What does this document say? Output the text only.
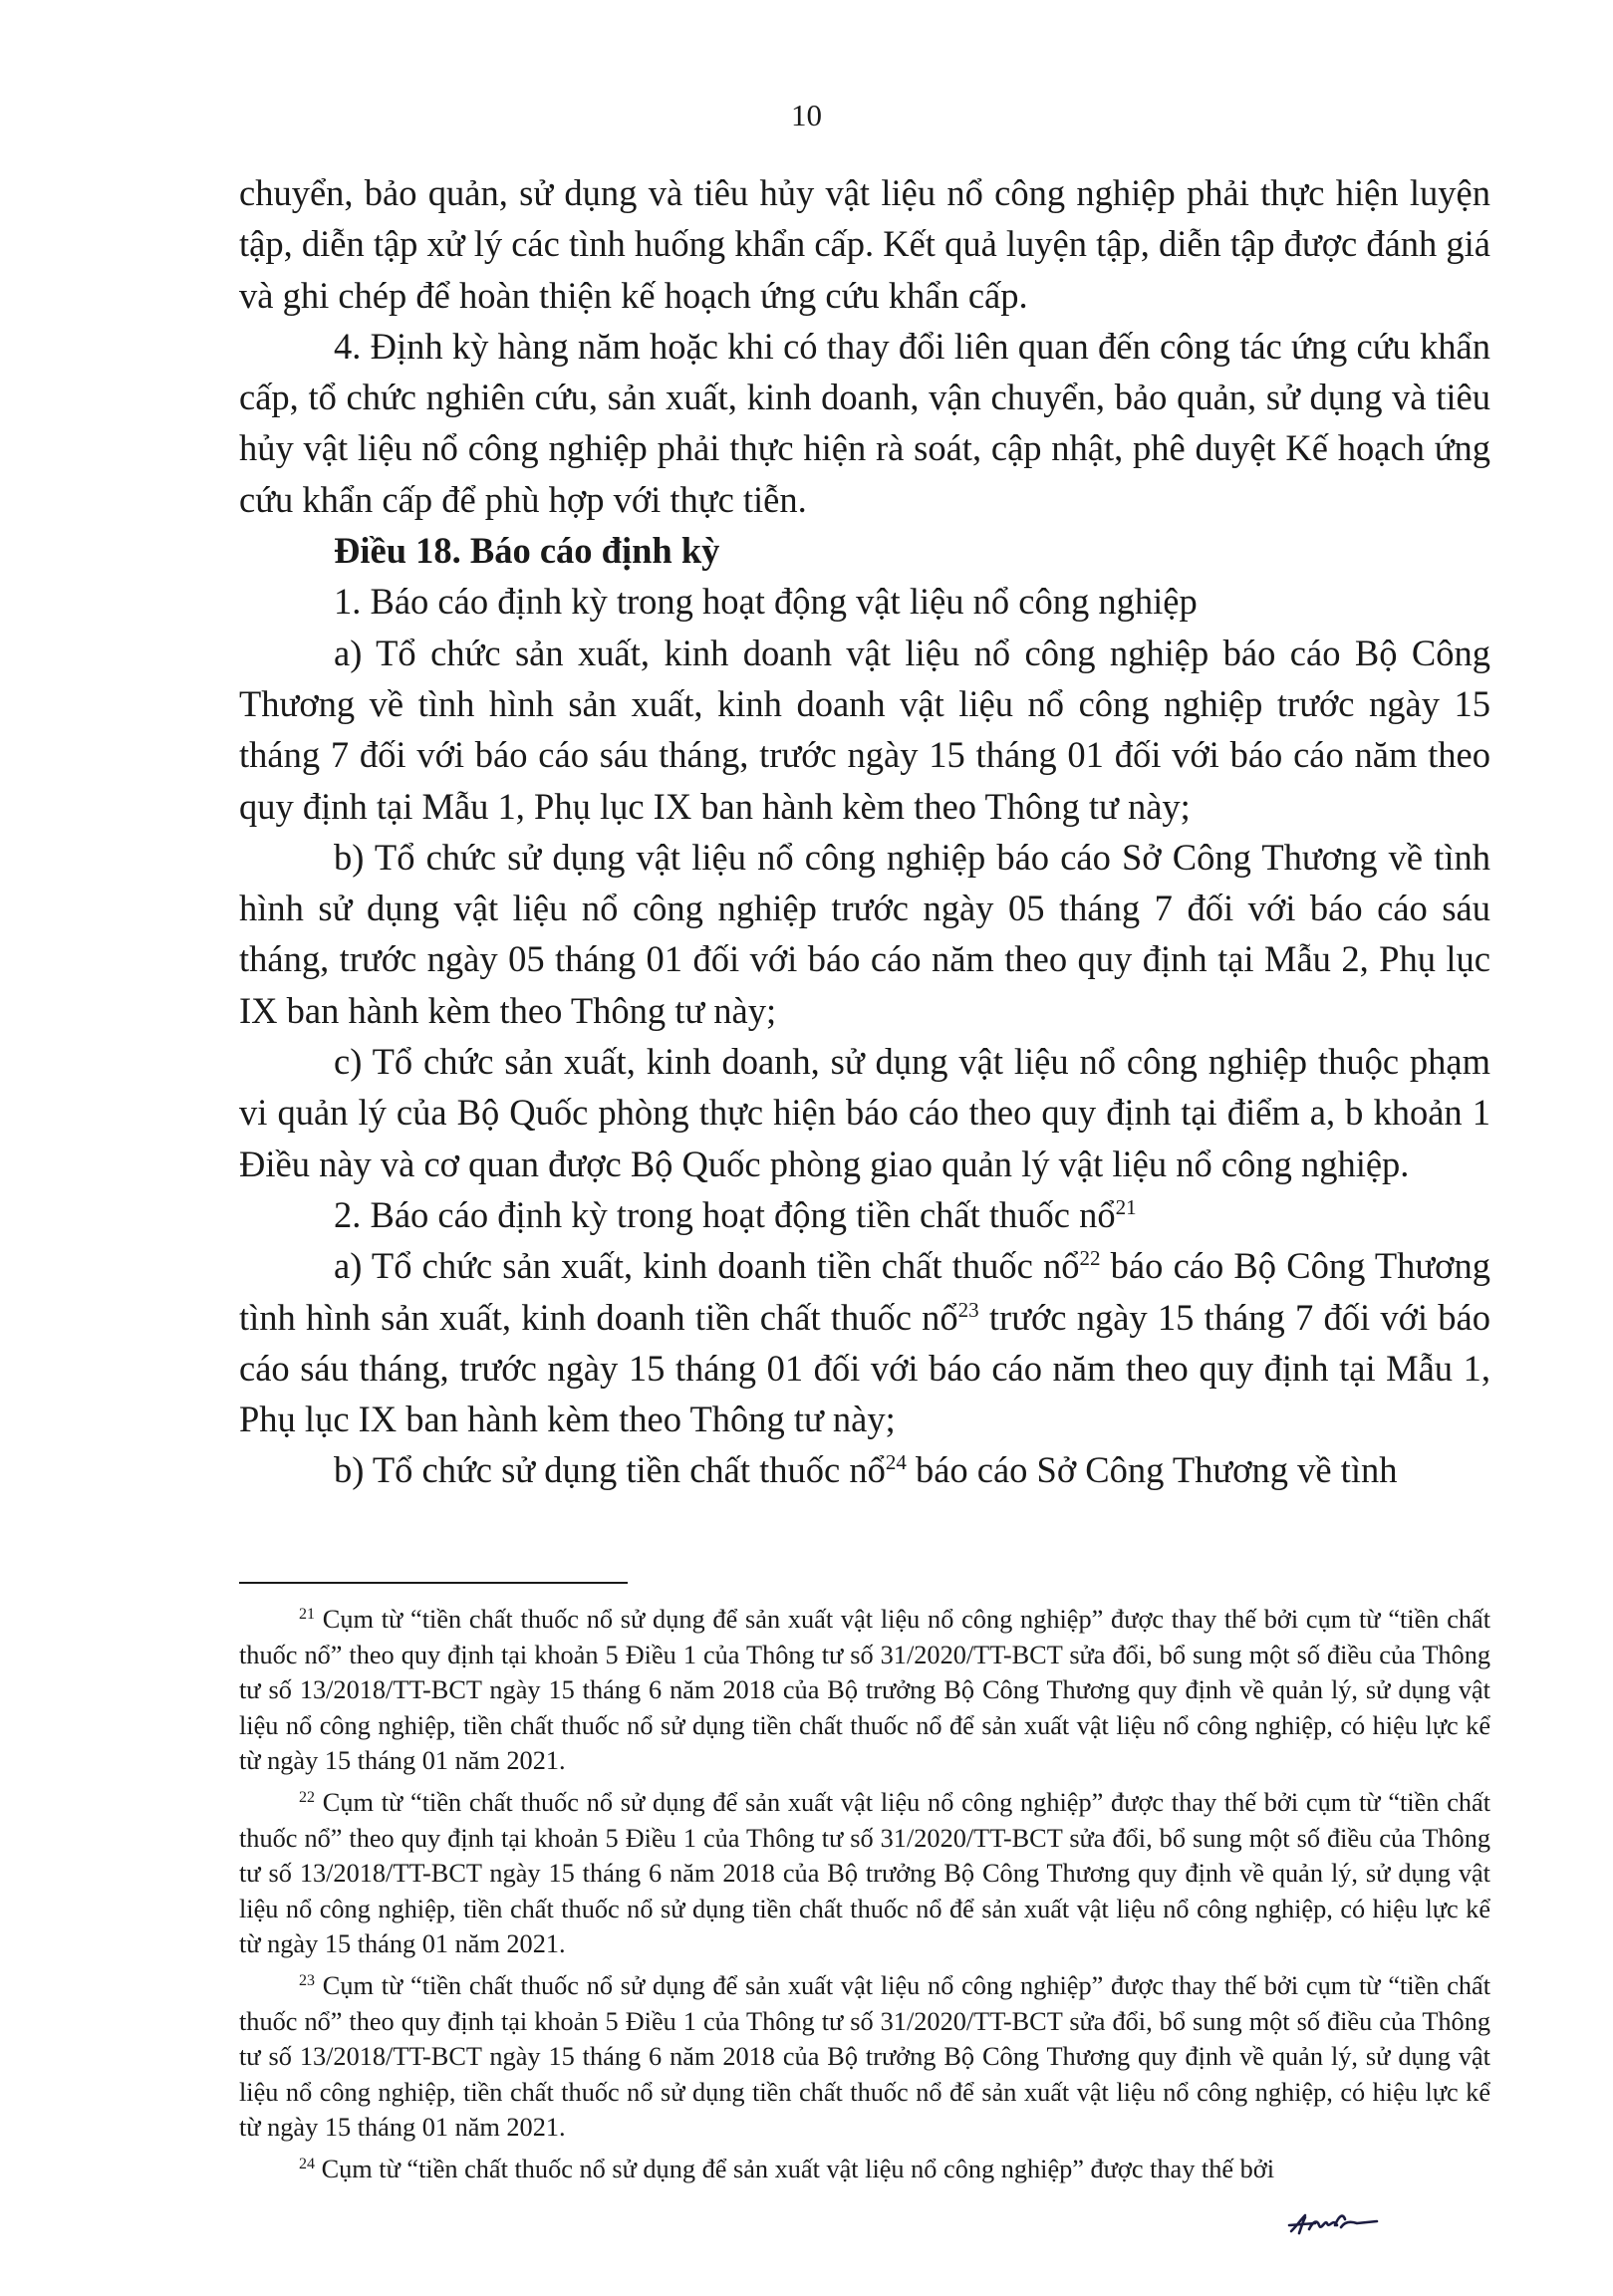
10

chuyển, bảo quản, sử dụng và tiêu hủy vật liệu nổ công nghiệp phải thực hiện luyện tập, diễn tập xử lý các tình huống khẩn cấp. Kết quả luyện tập, diễn tập được đánh giá và ghi chép để hoàn thiện kế hoạch ứng cứu khẩn cấp.

4. Định kỳ hàng năm hoặc khi có thay đổi liên quan đến công tác ứng cứu khẩn cấp, tổ chức nghiên cứu, sản xuất, kinh doanh, vận chuyển, bảo quản, sử dụng và tiêu hủy vật liệu nổ công nghiệp phải thực hiện rà soát, cập nhật, phê duyệt Kế hoạch ứng cứu khẩn cấp để phù hợp với thực tiễn.

Điều 18. Báo cáo định kỳ

1. Báo cáo định kỳ trong hoạt động vật liệu nổ công nghiệp

a) Tổ chức sản xuất, kinh doanh vật liệu nổ công nghiệp báo cáo Bộ Công Thương về tình hình sản xuất, kinh doanh vật liệu nổ công nghiệp trước ngày 15 tháng 7 đối với báo cáo sáu tháng, trước ngày 15 tháng 01 đối với báo cáo năm theo quy định tại Mẫu 1, Phụ lục IX ban hành kèm theo Thông tư này;

b) Tổ chức sử dụng vật liệu nổ công nghiệp báo cáo Sở Công Thương về tình hình sử dụng vật liệu nổ công nghiệp trước ngày 05 tháng 7 đối với báo cáo sáu tháng, trước ngày 05 tháng 01 đối với báo cáo năm theo quy định tại Mẫu 2, Phụ lục IX ban hành kèm theo Thông tư này;

c) Tổ chức sản xuất, kinh doanh, sử dụng vật liệu nổ công nghiệp thuộc phạm vi quản lý của Bộ Quốc phòng thực hiện báo cáo theo quy định tại điểm a, b khoản 1 Điều này và cơ quan được Bộ Quốc phòng giao quản lý vật liệu nổ công nghiệp.

2. Báo cáo định kỳ trong hoạt động tiền chất thuốc nổ$^{21}$

a) Tổ chức sản xuất, kinh doanh tiền chất thuốc nổ$^{22}$ báo cáo Bộ Công Thương tình hình sản xuất, kinh doanh tiền chất thuốc nổ$^{23}$ trước ngày 15 tháng 7 đối với báo cáo sáu tháng, trước ngày 15 tháng 01 đối với báo cáo năm theo quy định tại Mẫu 1, Phụ lục IX ban hành kèm theo Thông tư này;

b) Tổ chức sử dụng tiền chất thuốc nổ$^{24}$ báo cáo Sở Công Thương về tình

$^{21}$ Cụm từ “tiền chất thuốc nổ sử dụng để sản xuất vật liệu nổ công nghiệp” được thay thế bởi cụm từ “tiền chất thuốc nổ” theo quy định tại khoản 5 Điều 1 của Thông tư số 31/2020/TT-BCT sửa đổi, bổ sung một số điều của Thông tư số 13/2018/TT-BCT ngày 15 tháng 6 năm 2018 của Bộ trưởng Bộ Công Thương quy định về quản lý, sử dụng vật liệu nổ công nghiệp, tiền chất thuốc nổ sử dụng tiền chất thuốc nổ để sản xuất vật liệu nổ công nghiệp, có hiệu lực kể từ ngày 15 tháng 01 năm 2021.

$^{22}$ Cụm từ “tiền chất thuốc nổ sử dụng để sản xuất vật liệu nổ công nghiệp” được thay thế bởi cụm từ “tiền chất thuốc nổ” theo quy định tại khoản 5 Điều 1 của Thông tư số 31/2020/TT-BCT sửa đổi, bổ sung một số điều của Thông tư số 13/2018/TT-BCT ngày 15 tháng 6 năm 2018 của Bộ trưởng Bộ Công Thương quy định về quản lý, sử dụng vật liệu nổ công nghiệp, tiền chất thuốc nổ sử dụng tiền chất thuốc nổ để sản xuất vật liệu nổ công nghiệp, có hiệu lực kể từ ngày 15 tháng 01 năm 2021.

$^{23}$ Cụm từ “tiền chất thuốc nổ sử dụng để sản xuất vật liệu nổ công nghiệp” được thay thế bởi cụm từ “tiền chất thuốc nổ” theo quy định tại khoản 5 Điều 1 của Thông tư số 31/2020/TT-BCT sửa đổi, bổ sung một số điều của Thông tư số 13/2018/TT-BCT ngày 15 tháng 6 năm 2018 của Bộ trưởng Bộ Công Thương quy định về quản lý, sử dụng vật liệu nổ công nghiệp, tiền chất thuốc nổ sử dụng tiền chất thuốc nổ để sản xuất vật liệu nổ công nghiệp, có hiệu lực kể từ ngày 15 tháng 01 năm 2021.

$^{24}$ Cụm từ “tiền chất thuốc nổ sử dụng để sản xuất vật liệu nổ công nghiệp” được thay thế bởi
